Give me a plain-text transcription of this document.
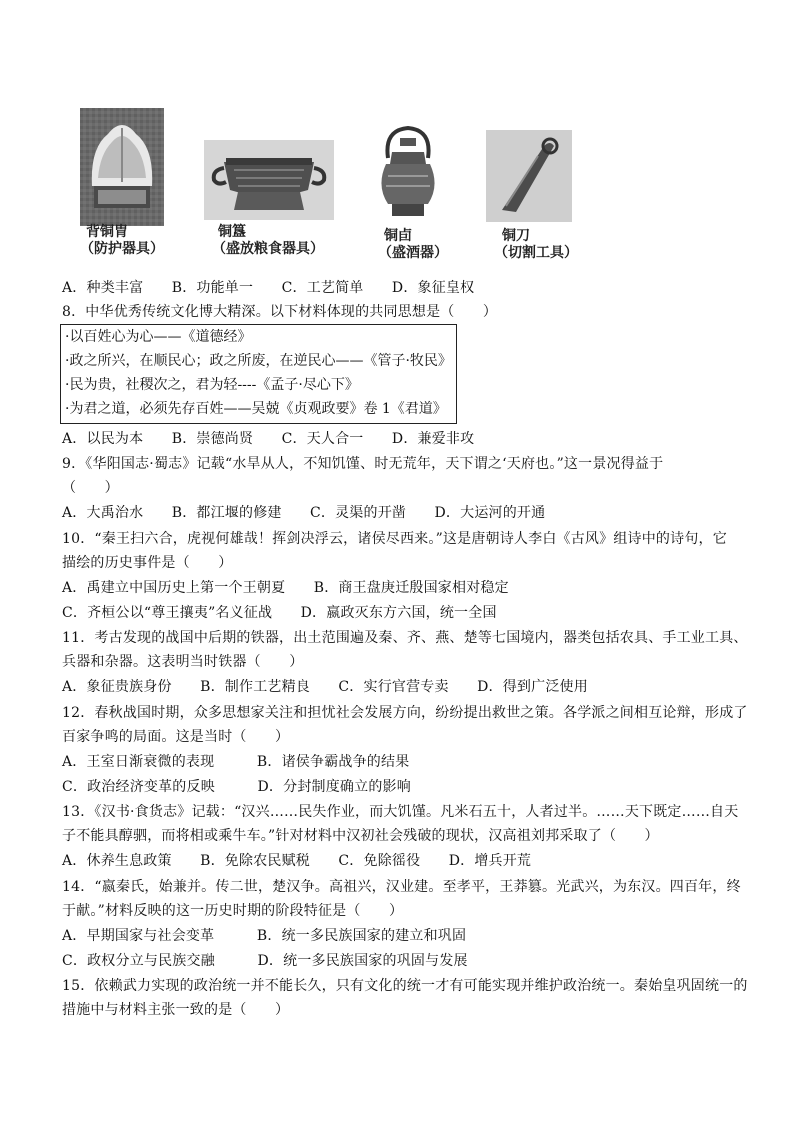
背铜胄
（防护器具）
铜簋
（盛放粮食器具）
铜卣
（盛酒器）
铜刀
（切割工具）
A．种类丰富　　B．功能单一　　C．工艺简单　　D．象征皇权
8．中华优秀传统文化博大精深。以下材料体现的共同思想是（　　）
·以百姓心为心——《道德经》
·政之所兴，在顺民心；政之所废，在逆民心——《管子·牧民》
·民为贵，社稷次之，君为轻----《孟子·尽心下》
·为君之道，必须先存百姓——吴兢《贞观政要》卷 1《君道》
A．以民为本　　B．崇德尚贤　　C．天人合一　　D．兼爱非攻
9．《华阳国志·蜀志》记载“水旱从人，不知饥馑、时无荒年，天下谓之‘天府也。”这一景况得益于
（　　）
A．大禹治水　　B．都江堰的修建　　C．灵渠的开凿　　D．大运河的开通
10．“秦王扫六合，虎视何雄哉！挥剑决浮云，诸侯尽西来。”这是唐朝诗人李白《古风》组诗中的诗句，它
描绘的历史事件是（　　）
A．禹建立中国历史上第一个王朝夏　　B．商王盘庚迁殷国家相对稳定
C．齐桓公以“尊王攘夷”名义征战　　D．嬴政灭东方六国，统一全国
11．考古发现的战国中后期的铁器，出土范围遍及秦、齐、燕、楚等七国境内，器类包括农具、手工业工具、
兵器和杂器。这表明当时铁器（　　）
A．象征贵族身份　　B．制作工艺精良　　C．实行官营专卖　　D．得到广泛使用
12．春秋战国时期，众多思想家关注和担忧社会发展方向，纷纷提出救世之策。各学派之间相互论辩，形成了
百家争鸣的局面。这是当时（　　）
A．王室日渐衰微的表现　　　B．诸侯争霸战争的结果
C．政治经济变革的反映　　　D．分封制度确立的影响
13．《汉书·食货志》记载：“汉兴……民失作业，而大饥馑。凡米石五十，人者过半。……天下既定……自天
子不能具醇驷，而将相或乘牛车。”针对材料中汉初社会残破的现状，汉高祖刘邦采取了（　　）
A．休养生息政策　　B．免除农民赋税　　C．免除徭役　　D．增兵开荒
14．“嬴秦氏，始兼并。传二世，楚汉争。高祖兴，汉业建。至孝平，王莽篡。光武兴，为东汉。四百年，终
于献。”材料反映的这一历史时期的阶段特征是（　　）
A．早期国家与社会变革　　　B．统一多民族国家的建立和巩固
C．政权分立与民族交融　　　D．统一多民族国家的巩固与发展
15．依赖武力实现的政治统一并不能长久，只有文化的统一才有可能实现并维护政治统一。秦始皇巩固统一的
措施中与材料主张一致的是（　　）
